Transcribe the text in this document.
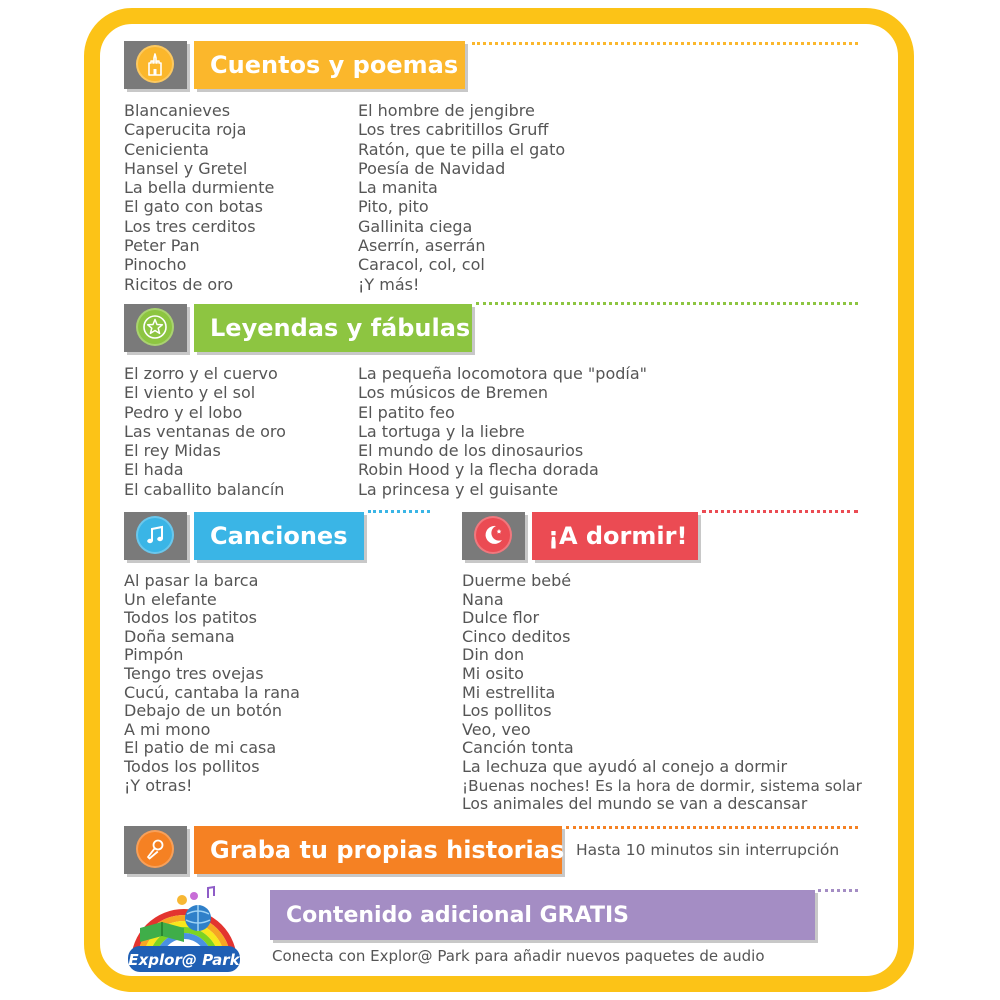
Cuentos y poemas
Blancanieves
Caperucita roja
Cenicienta
Hansel y Gretel
La bella durmiente
El gato con botas
Los tres cerditos
Peter Pan
Pinocho
Ricitos de oro
El hombre de jengibre
Los tres cabritillos Gruff
Ratón, que te pilla el gato
Poesía de Navidad
La manita
Pito, pito
Gallinita ciega
Aserrín, aserrán
Caracol, col, col
¡Y más!
Leyendas y fábulas
El zorro y el cuervo
El viento y el sol
Pedro y el lobo
Las ventanas de oro
El rey Midas
El hada
El caballito balancín
La pequeña locomotora que "podía"
Los músicos de Bremen
El patito feo
La tortuga y la liebre
El mundo de los dinosaurios
Robin Hood y la flecha dorada
La princesa y el guisante
Canciones
Al pasar la barca
Un elefante
Todos los patitos
Doña semana
Pimpón
Tengo tres ovejas
Cucú, cantaba la rana
Debajo de un botón
A mi mono
El patio de mi casa
Todos los pollitos
¡Y otras!
¡A dormir!
Duerme bebé
Nana
Dulce flor
Cinco deditos
Din don
Mi osito
Mi estrellita
Los pollitos
Veo, veo
Canción tonta
La lechuza que ayudó al conejo a dormir
¡Buenas noches! Es la hora de dormir, sistema solar
Los animales del mundo se van a descansar
Graba tu propias historias Hasta 10 minutos sin interrupción
Contenido adicional GRATIS
Conecta con Explor@ Park para añadir nuevos paquetes de audio
Explor@ Park
